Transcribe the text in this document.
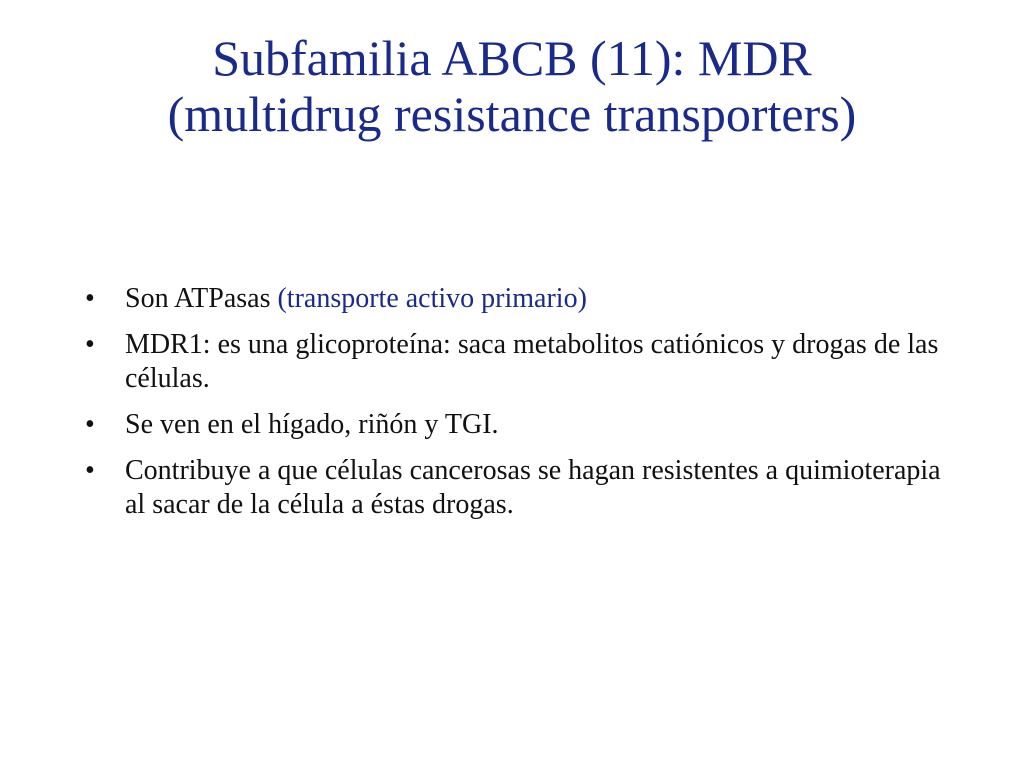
Subfamilia ABCB (11): MDR
(multidrug resistance transporters)
•	Son ATPasas (transporte activo primario)
•	MDR1: es una glicoproteína: saca metabolitos catiónicos y drogas de las células.
•	Se ven en el hígado, riñón y TGI.
•	Contribuye a que células cancerosas se hagan resistentes a quimioterapia al sacar de la célula a éstas drogas.
